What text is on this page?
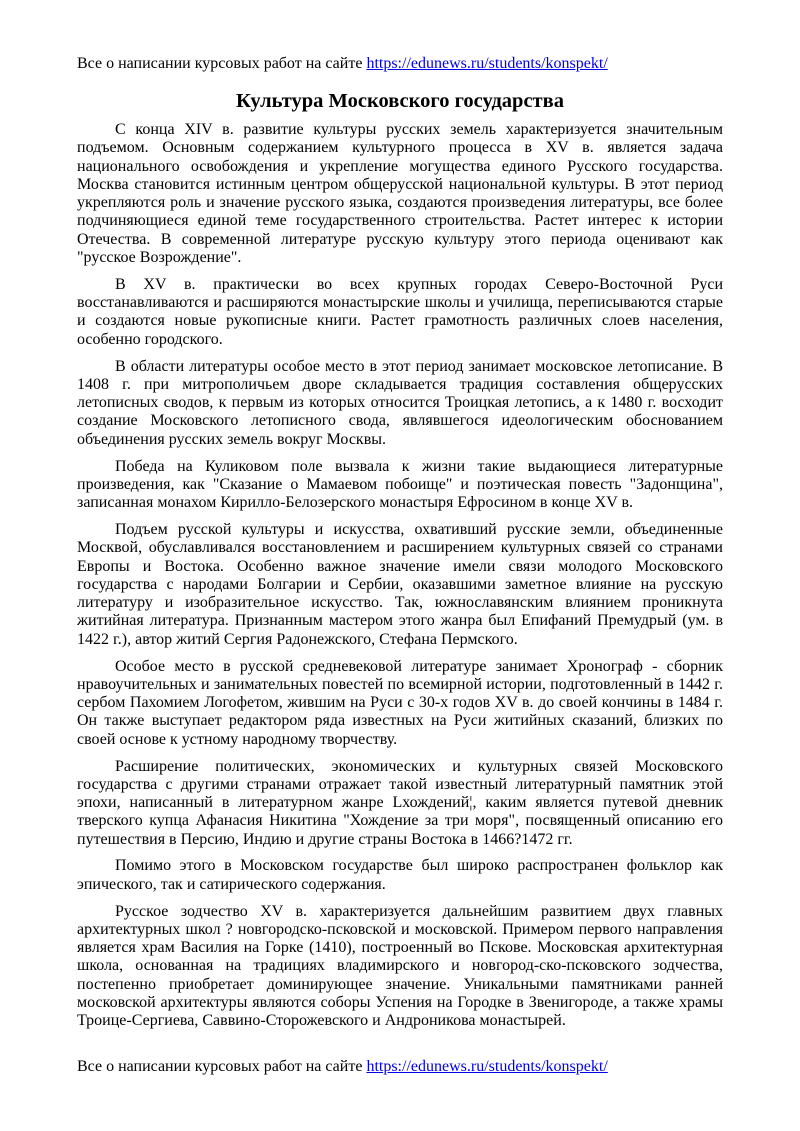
Все о написании курсовых работ на сайте https://edunews.ru/students/konspekt/
Культура Московского государства

С конца XIV в. развитие культуры русских земель характеризуется значительным подъемом. Основным содержанием культурного процесса в XV в. является задача национального освобождения и укрепление могущества единого Русского государства. Москва становится истинным центром общерусской национальной культуры. В этот период укрепляются роль и значение русского языка, создаются произведения литературы, все более подчиняющиеся единой теме государственного строительства. Растет интерес к истории Отечества. В современной литературе русскую культуру этого периода оценивают как "русское Возрождение".

В XV в. практически во всех крупных городах Северо-Восточной Руси восстанавливаются и расширяются монастырские школы и училища, переписываются старые и создаются новые рукописные книги. Растет грамотность различных слоев населения, особенно городского.

В области литературы особое место в этот период занимает московское летописание. В 1408 г. при митрополичьем дворе складывается традиция составления общерусских летописных сводов, к первым из которых относится Троицкая летопись, а к 1480 г. восходит создание Московского летописного свода, являвшегося идеологическим обоснованием объединения русских земель вокруг Москвы.

Победа на Куликовом поле вызвала к жизни такие выдающиеся литературные произведения, как "Сказание о Мамаевом побоище" и поэтическая повесть "Задонщина", записанная монахом Кирилло-Белозерского монастыря Ефросином в конце XV в.

Подъем русской культуры и искусства, охвативший русские земли, объединенные Москвой, обуславливался восстановлением и расширением культурных связей со странами Европы и Востока. Особенно важное значение имели связи молодого Московского государства с народами Болгарии и Сербии, оказавшими заметное влияние на русскую литературу и изобразительное искусство. Так, южнославянским влиянием проникнута житийная литература. Признанным мастером этого жанра был Епифаний Премудрый (ум. в 1422 г.), автор житий Сергия Радонежского, Стефана Пермского.

Особое место в русской средневековой литературе занимает Хронограф - сборник нравоучительных и занимательных повестей по всемирной истории, подготовленный в 1442 г. сербом Пахомием Логофетом, жившим на Руси с 30-х годов XV в. до своей кончины в 1484 г. Он также выступает редактором ряда известных на Руси житийных сказаний, близких по своей основе к устному народному творчеству.

Расширение политических, экономических и культурных связей Московского государства с другими странами отражает такой известный литературный памятник этой эпохи, написанный в литературном жанре Lхождений¦, каким является путевой дневник тверского купца Афанасия Никитина "Хождение за три моря", посвященный описанию его путешествия в Персию, Индию и другие страны Востока в 1466?1472 гг.

Помимо этого в Московском государстве был широко распространен фольклор как эпического, так и сатирического содержания.

Русское зодчество XV в. характеризуется дальнейшим развитием двух главных архитектурных школ ? новгородско-псковской и московской. Примером первого направления является храм Василия на Горке (1410), построенный во Пскове. Московская архитектурная школа, основанная на традициях владимирского и новгород-ско-псковского зодчества, постепенно приобретает доминирующее значение. Уникальными памятниками ранней московской архитектуры являются соборы Успения на Городке в Звенигороде, а также храмы Троице-Сергиева, Саввино-Сторожевского и Андроникова монастырей.

Все о написании курсовых работ на сайте https://edunews.ru/students/konspekt/
